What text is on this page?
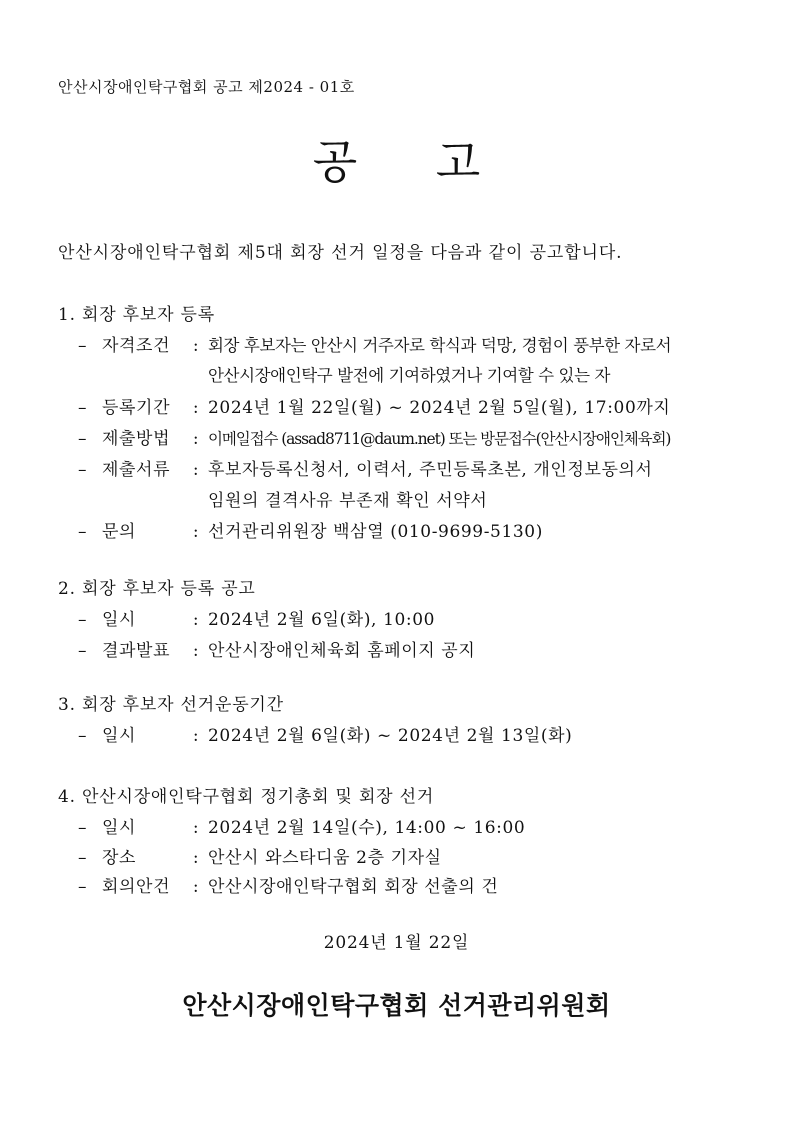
안산시장애인탁구협회 공고 제2024 - 01호
공 고
안산시장애인탁구협회 제5대 회장 선거 일정을 다음과 같이 공고합니다.
1. 회장 후보자 등록
– 자격조건 : 회장 후보자는 안산시 거주자로 학식과 덕망, 경험이 풍부한 자로서
안산시장애인탁구 발전에 기여하였거나 기여할 수 있는 자
– 등록기간 : 2024년 1월 22일(월) ~ 2024년 2월 5일(월), 17:00까지
– 제출방법 : 이메일접수 (assad8711@daum.net) 또는 방문접수(안산시장애인체육회)
– 제출서류 : 후보자등록신청서, 이력서, 주민등록초본, 개인정보동의서
임원의 결격사유 부존재 확인 서약서
– 문의	: 선거관리위원장 백삼열 (010-9699-5130)
2. 회장 후보자 등록 공고
– 일시	: 2024년 2월 6일(화), 10:00
– 결과발표 : 안산시장애인체육회 홈페이지 공지
3. 회장 후보자 선거운동기간
– 일시	: 2024년 2월 6일(화) ~ 2024년 2월 13일(화)
4. 안산시장애인탁구협회 정기총회 및 회장 선거
– 일시	: 2024년 2월 14일(수), 14:00 ~ 16:00
– 장소	: 안산시 와스타디움 2층 기자실
– 회의안건 : 안산시장애인탁구협회 회장 선출의 건
2024년 1월 22일
안산시장애인탁구협회 선거관리위원회
